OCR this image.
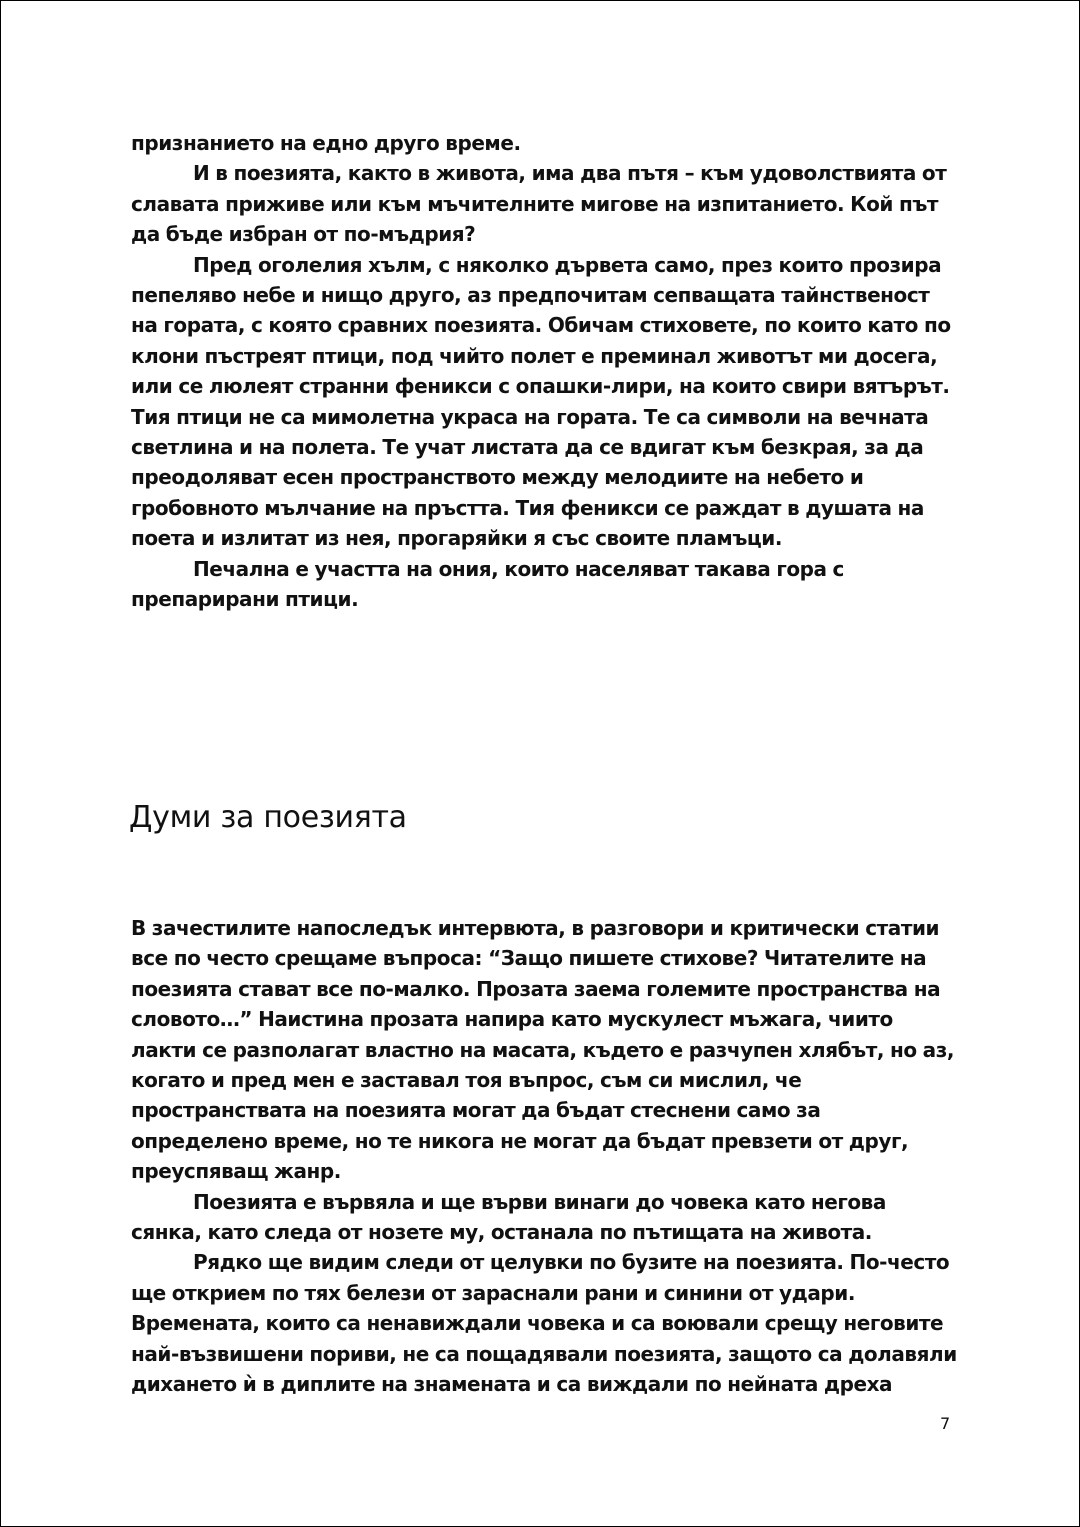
признанието на едно друго време.

И в поезията, както в живота, има два пътя – към удоволствията от славата приживе или към мъчителните мигове на изпитанието. Кой път да бъде избран от по-мъдрия?

Пред оголелия хълм, с няколко дървета само, през които прозира пепеляво небе и нищо друго, аз предпочитам сепващата тайнственост на гората, с която сравних поезията. Обичам стиховете, по които като по клони пъстреят птици, под чийто полет е преминал животът ми досега, или се люлеят странни феникси с опашки-лири, на които свири вятърът. Тия птици не са мимолетна украса на гората. Те са символи на вечната светлина и на полета. Те учат листата да се вдигат към безкрая, за да преодоляват есен пространството между мелодиите на небето и гробовното мълчание на пръстта. Тия феникси се раждат в душата на поета и излитат из нея, прогаряйки я със своите пламъци.

Печална е участта на ония, които населяват такава гора с препарирани птици.

Думи за поезията

В зачестилите напоследък интервюта, в разговори и критически статии все по често срещаме въпроса: “Защо пишете стихове? Читателите на поезията стават все по-малко. Прозата заема големите пространства на словото…” Наистина прозата напира като мускулест мъжага, чиито лакти се разполагат властно на масата, където е разчупен хлябът, но аз, когато и пред мен е заставал тоя въпрос, съм си мислил, че пространствата на поезията могат да бъдат стеснени само за определено време, но те никога не могат да бъдат превзети от друг, преуспяващ жанр.

Поезията е вървяла и ще върви винаги до човека като негова сянка, като следа от нозете му, останала по пътищата на живота.

Рядко ще видим следи от целувки по бузите на поезията. По-често ще открием по тях белези от зараснали рани и синини от удари. Времената, които са ненавиждали човека и са воювали срещу неговите най-възвишени пориви, не са пощадявали поезията, защото са долавяли дихането ѝ в диплите на знамената и са виждали по нейната дреха

7
